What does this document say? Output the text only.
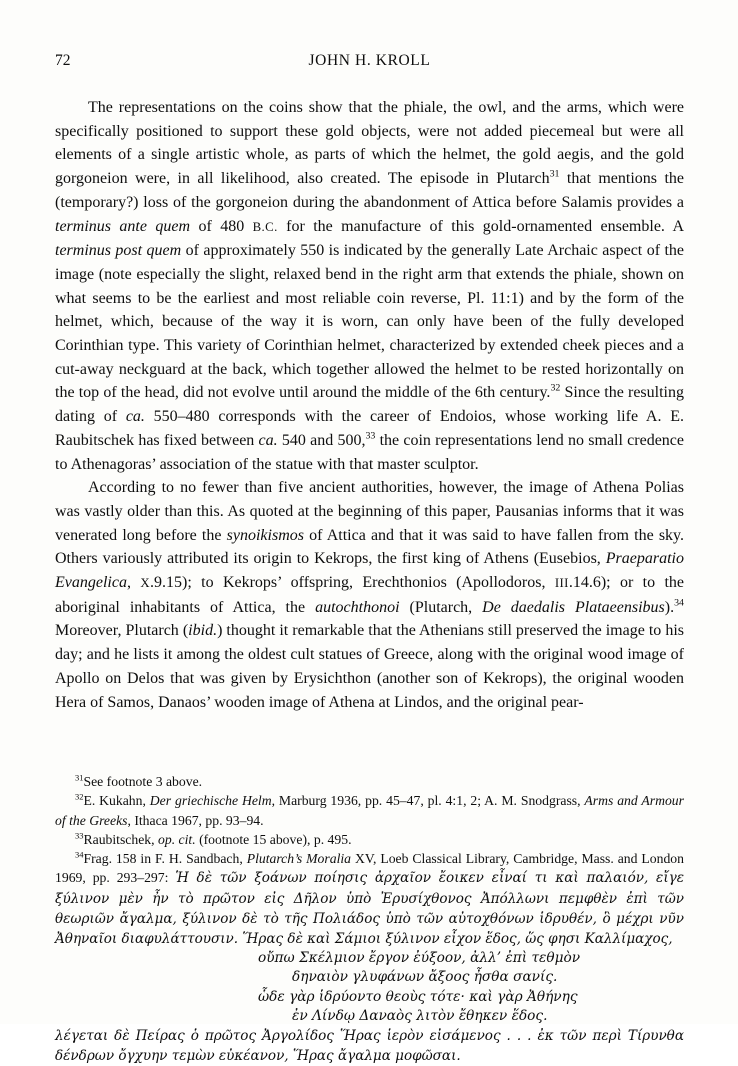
72	JOHN H. KROLL

The representations on the coins show that the phiale, the owl, and the arms, which were specifically positioned to support these gold objects, were not added piecemeal but were all elements of a single artistic whole, as parts of which the helmet, the gold aegis, and the gold gorgoneion were, in all likelihood, also created. The episode in Plutarch$^{31}$ that mentions the (temporary?) loss of the gorgoneion during the abandonment of Attica before Salamis provides a terminus ante quem of 480 B.C. for the manufacture of this gold-ornamented ensemble. A terminus post quem of approximately 550 is indicated by the generally Late Archaic aspect of the image (note especially the slight, relaxed bend in the right arm that extends the phiale, shown on what seems to be the earliest and most reliable coin reverse, Pl. 11:1) and by the form of the helmet, which, because of the way it is worn, can only have been of the fully developed Corinthian type. This variety of Corinthian helmet, characterized by extended cheek pieces and a cut-away neckguard at the back, which together allowed the helmet to be rested horizontally on the top of the head, did not evolve until around the middle of the 6th century.$^{32}$ Since the resulting dating of ca. 550–480 corresponds with the career of Endoios, whose working life A. E. Raubitschek has fixed between ca. 540 and 500,33 the coin representations lend no small credence to Athenagoras’ association of the statue with that master sculptor.

According to no fewer than five ancient authorities, however, the image of Athena Polias was vastly older than this. As quoted at the beginning of this paper, Pausanias informs that it was venerated long before the synoikismos of Attica and that it was said to have fallen from the sky. Others variously attributed its origin to Kekrops, the first king of Athens (Eusebios, Praeparatio Evangelica, X.9.15); to Kekrops’ offspring, Erechthonios (Apollodoros, III.14.6); or to the aboriginal inhabitants of Attica, the autochthonoi (Plutarch, De daedalis Plataeensibus).$^{34}$ Moreover, Plutarch (ibid.) thought it remarkable that the Athenians still preserved the image to his day; and he lists it among the oldest cult statues of Greece, along with the original wood image of Apollo on Delos that was given by Erysichthon (another son of Kekrops), the original wooden Hera of Samos, Danaos’ wooden image of Athena at Lindos, and the original pear-

$^{31}$See footnote 3 above.

$^{32}$E. Kukahn, Der griechische Helm, Marburg 1936, pp. 45–47, pl. 4:1, 2; A. M. Snodgrass, Arms and Armour of the Greeks, Ithaca 1967, pp. 93–94.

$^{33}$Raubitschek, op. cit. (footnote 15 above), p. 495.

$^{34}$Frag. 158 in F. H. Sandbach, Plutarch’s Moralia XV, Loeb Classical Library, Cambridge, Mass. and London 1969, pp. 293–297: Ἡ δὲ τῶν ξοάνων ποίησις ἀρχαῖον ἔοικεν εἶναί τι καὶ παλαιόν, εἴγε ξύλινον μὲν ἦν τὸ πρῶτον εἰς Δῆλον ὑπὸ Ἐρυσίχθονος Ἀπόλλωνι πεμφθὲν ἐπὶ τῶν θεωριῶν ἄγαλμα, ξύλινον δὲ τὸ τῆς Πολιάδος ὑπὸ τῶν αὐτοχθόνων ἱδρυθέν, ὃ μέχρι νῦν Ἀθηναῖοι διαφυλάττουσιν. Ἥρας δὲ καὶ Σάμιοι ξύλινον εἶχον ἕδος, ὥς φησι Καλλίμαχος,

οὔπω Σκέλμιον ἔργον ἐύξοον, ἀλλ’ ἐπὶ τεθμὸν
δηναιὸν γλυφάνων ἄξοος ἦσθα σανίς.
ὧδε γὰρ ἱδρύοντο θεοὺς τότε· καὶ γὰρ Ἀθήνης
ἐν Λίνδῳ Δαναὸς λιτὸν ἔθηκεν ἕδος.

λέγεται δὲ Πείρας ὁ πρῶτος Ἀργολίδος Ἥρας ἱερὸν εἰσάμενος . . . ἐκ τῶν περὶ Τίρυνθα δένδρων ὄγχυην τεμὼν εὐκέανον, Ἥρας ἄγαλμα μοφῶσαι.
